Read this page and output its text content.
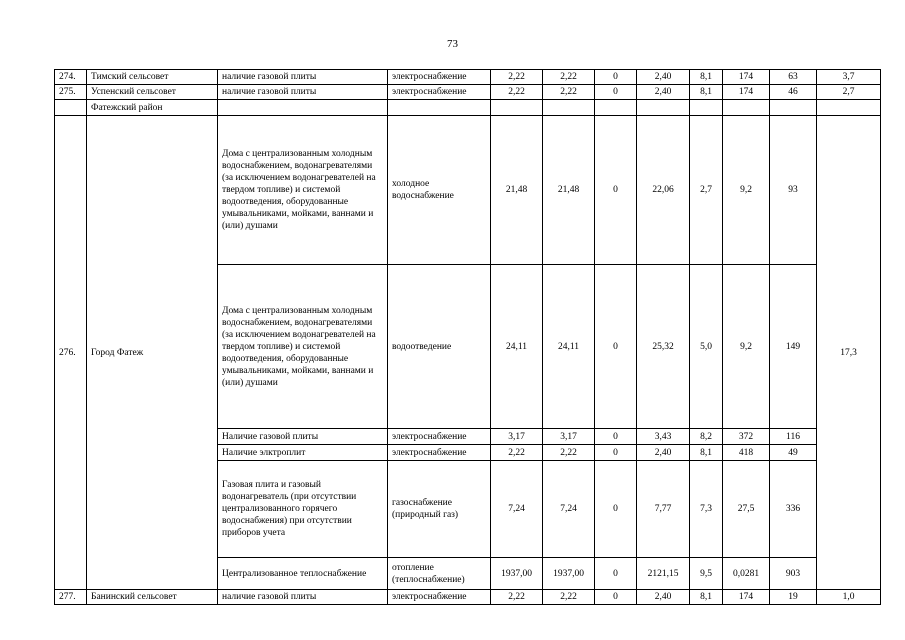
73
274.	Тимский сельсовет	наличие газовой плиты	электроснабжение	2,22	2,22	0	2,40	8,1	174	63	3,7
275.	Успенский сельсовет	наличие газовой плиты	электроснабжение	2,22	2,22	0	2,40	8,1	174	46	2,7
	Фатежский район										
276.	Город Фатеж	Дома с централизованным холодным водоснабжением, водонагревателями (за исключением водонагревателей на твердом топливе) и системой водоотведения, оборудованные умывальниками, мойками, ваннами и (или) душами	холодное водоснабжение	21,48	21,48	0	22,06	2,7	9,2	93	17,3
		Дома с централизованным холодным водоснабжением, водонагревателями (за исключением водонагревателей на твердом топливе) и системой водоотведения, оборудованные умывальниками, мойками, ваннами и (или) душами	водоотведение	24,11	24,11	0	25,32	5,0	9,2	149	
		Наличие газовой плиты	электроснабжение	3,17	3,17	0	3,43	8,2	372	116	
		Наличие элктроплит	электроснабжение	2,22	2,22	0	2,40	8,1	418	49	
		Газовая плита и газовый водонагреватель (при отсутствии централизованного горячего водоснабжения) при отсутствии приборов учета	газоснабжение (природный газ)	7,24	7,24	0	7,77	7,3	27,5	336	
		Централизованное теплоснабжение	отопление (теплоснабжение)	1937,00	1937,00	0	2121,15	9,5	0,0281	903	
277.	Банинский сельсовет	наличие газовой плиты	электроснабжение	2,22	2,22	0	2,40	8,1	174	19	1,0
